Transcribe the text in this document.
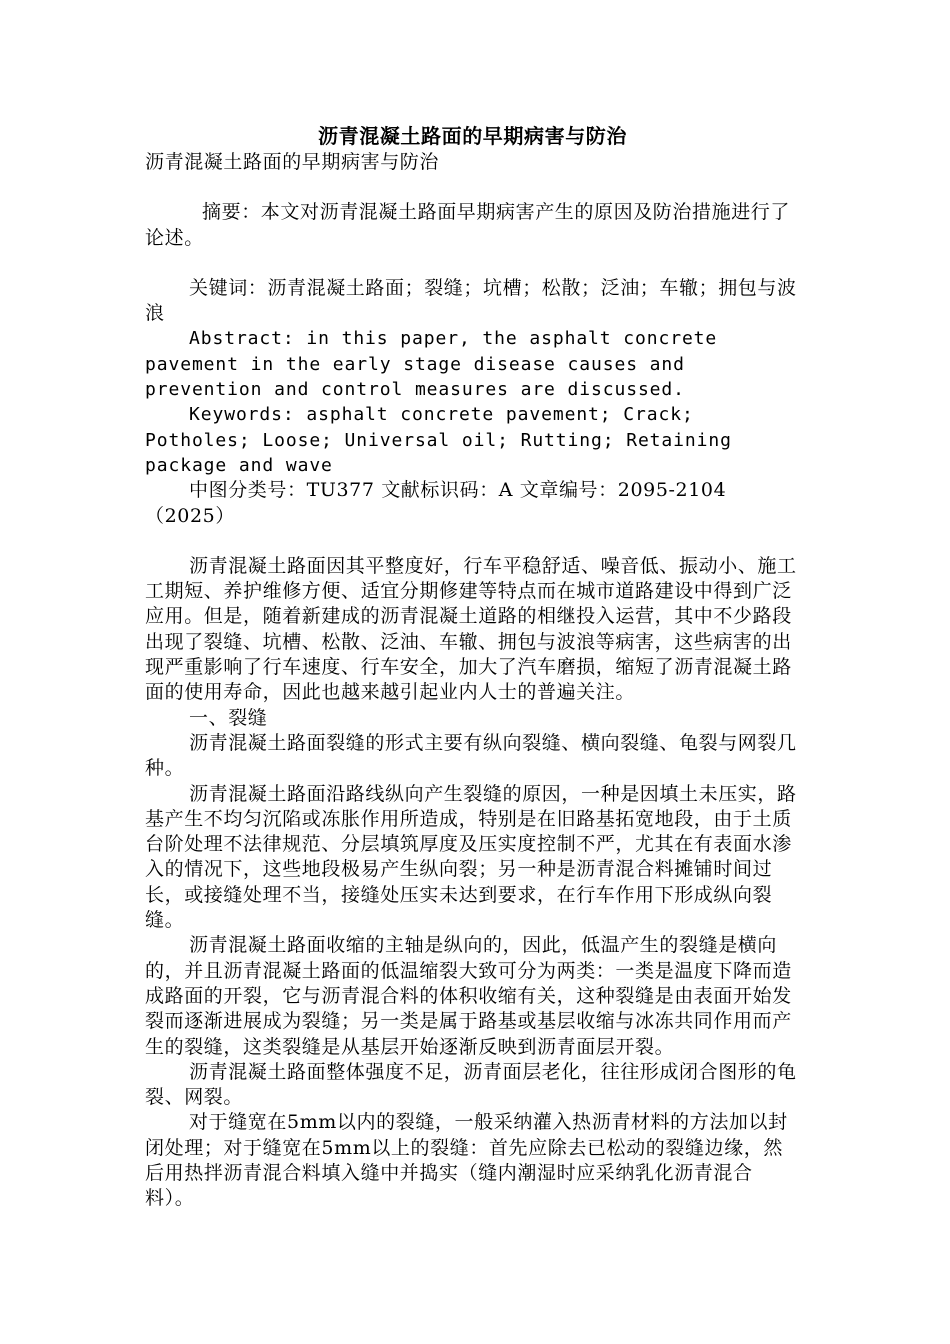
沥青混凝土路面的早期病害与防治

沥青混凝土路面的早期病害与防治

摘要：本文对沥青混凝土路面早期病害产生的原因及防治措施进行了论述。

关键词：沥青混凝土路面；裂缝；坑槽；松散；泛油；车辙；拥包与波浪

Abstract: in this paper, the asphalt concrete pavement in the early stage disease causes and prevention and control measures are discussed.

Keywords: asphalt concrete pavement; Crack; Potholes; Loose; Universal oil; Rutting; Retaining package and wave

中图分类号：TU377 文献标识码：A 文章编号：2095-2104（2025）

沥青混凝土路面因其平整度好，行车平稳舒适、噪音低、振动小、施工工期短、养护维修方便、适宜分期修建等特点而在城市道路建设中得到广泛应用。但是，随着新建成的沥青混凝土道路的相继投入运营，其中不少路段出现了裂缝、坑槽、松散、泛油、车辙、拥包与波浪等病害，这些病害的出现严重影响了行车速度、行车安全，加大了汽车磨损，缩短了沥青混凝土路面的使用寿命，因此也越来越引起业内人士的普遍关注。

一、裂缝

沥青混凝土路面裂缝的形式主要有纵向裂缝、横向裂缝、龟裂与网裂几种。

沥青混凝土路面沿路线纵向产生裂缝的原因，一种是因填土未压实，路基产生不均匀沉陷或冻胀作用所造成，特别是在旧路基拓宽地段，由于土质台阶处理不法律规范、分层填筑厚度及压实度控制不严，尤其在有表面水渗入的情况下，这些地段极易产生纵向裂；另一种是沥青混合料摊铺时间过长，或接缝处理不当，接缝处压实未达到要求，在行车作用下形成纵向裂缝。

沥青混凝土路面收缩的主轴是纵向的，因此，低温产生的裂缝是横向的，并且沥青混凝土路面的低温缩裂大致可分为两类：一类是温度下降而造成路面的开裂，它与沥青混合料的体积收缩有关，这种裂缝是由表面开始发裂而逐渐进展成为裂缝；另一类是属于路基或基层收缩与冰冻共同作用而产生的裂缝，这类裂缝是从基层开始逐渐反映到沥青面层开裂。

沥青混凝土路面整体强度不足，沥青面层老化，往往形成闭合图形的龟裂、网裂。

对于缝宽在5mm以内的裂缝，一般采纳灌入热沥青材料的方法加以封闭处理；对于缝宽在5mm以上的裂缝：首先应除去已松动的裂缝边缘，然后用热拌沥青混合料填入缝中并捣实（缝内潮湿时应采纳乳化沥青混合料）。
